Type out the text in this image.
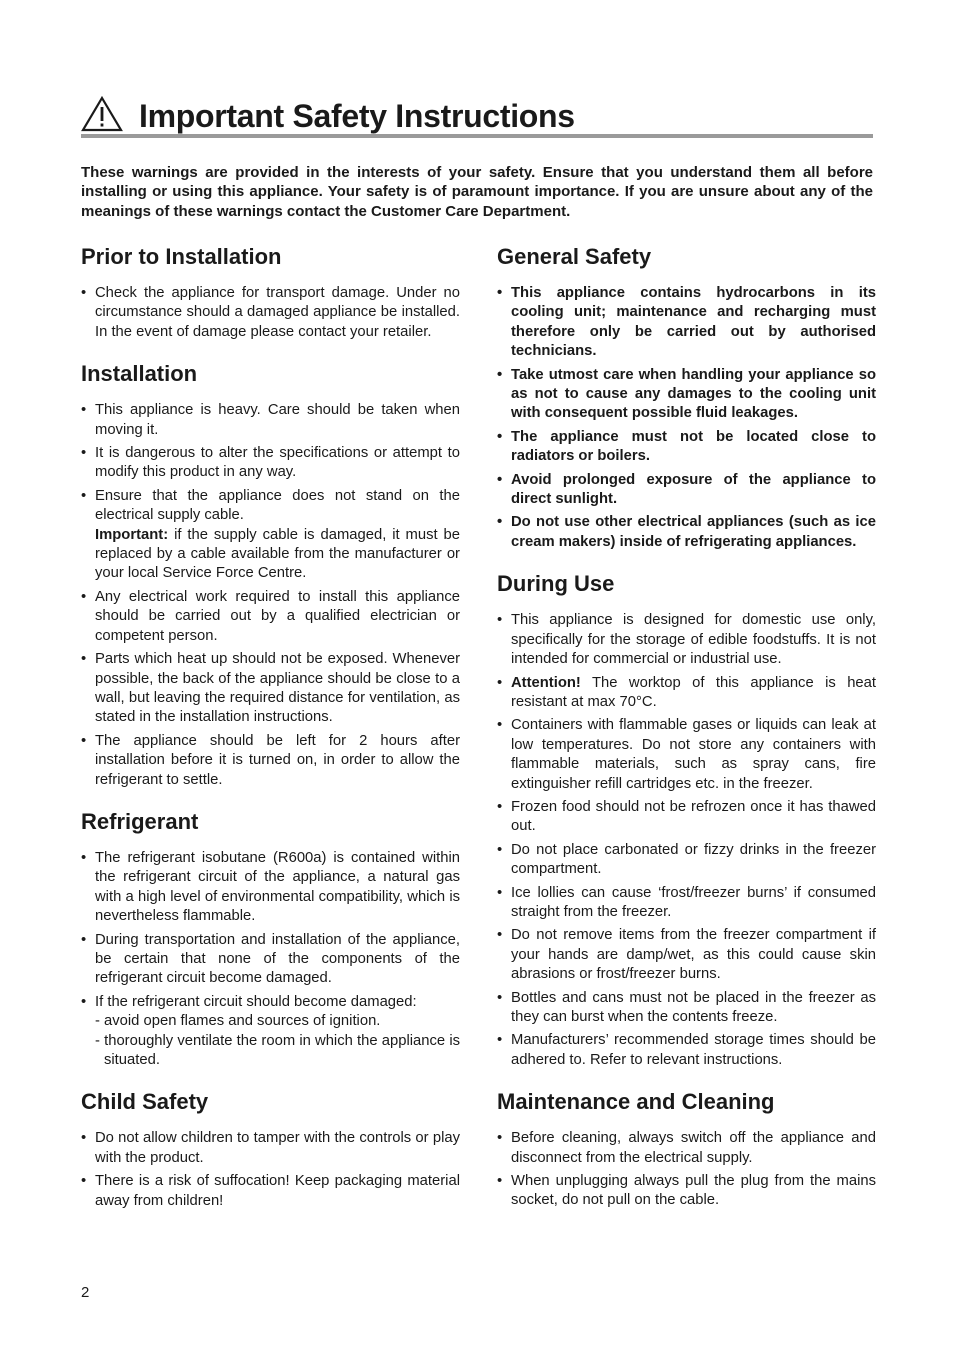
Important Safety Instructions

These warnings are provided in the interests of your safety. Ensure that you understand them all before installing or using this appliance. Your safety is of paramount importance. If you are unsure about any of the meanings of these warnings contact the Customer Care Department.

Prior to Installation
• Check the appliance for transport damage. Under no circumstance should a damaged appliance be installed. In the event of damage please contact your retailer.
Installation
• This appliance is heavy. Care should be taken when moving it.
• It is dangerous to alter the specifications or attempt to modify this product in any way.
• Ensure that the appliance does not stand on the electrical supply cable.
Important: if the supply cable is damaged, it must be replaced by a cable available from the manufacturer or your local Service Force Centre.
• Any electrical work required to install this appliance should be carried out by a qualified electrician or competent person.
• Parts which heat up should not be exposed. Whenever possible, the back of the appliance should be close to a wall, but leaving the required distance for ventilation, as stated in the installation instructions.
• The appliance should be left for 2 hours after installation before it is turned on, in order to allow the refrigerant to settle.
Refrigerant
• The refrigerant isobutane (R600a) is contained within the refrigerant circuit of the appliance, a natural gas with a high level of environmental compatibility, which is nevertheless flammable.
• During transportation and installation of the appliance, be certain that none of the components of the refrigerant circuit become damaged.
• If the refrigerant circuit should become damaged:
- avoid open flames and sources of ignition.
- thoroughly ventilate the room in which the appliance is situated.
Child Safety
• Do not allow children to tamper with the controls or play with the product.
• There is a risk of suffocation! Keep packaging material away from children!
General Safety
• This appliance contains hydrocarbons in its cooling unit; maintenance and recharging must therefore only be carried out by authorised technicians.
• Take utmost care when handling your appliance so as not to cause any damages to the cooling unit with consequent possible fluid leakages.
• The appliance must not be located close to radiators or boilers.
• Avoid prolonged exposure of the appliance to direct sunlight.
• Do not use other electrical appliances (such as ice cream makers) inside of refrigerating appliances.
During Use
• This appliance is designed for domestic use only, specifically for the storage of edible foodstuffs. It is not intended for commercial or industrial use.
• Attention! The worktop of this appliance is heat resistant at max 70°C.
• Containers with flammable gases or liquids can leak at low temperatures. Do not store any containers with flammable materials, such as spray cans, fire extinguisher refill cartridges etc. in the freezer.
• Frozen food should not be refrozen once it has thawed out.
• Do not place carbonated or fizzy drinks in the freezer compartment.
• Ice lollies can cause ‘frost/freezer burns’ if consumed straight from the freezer.
• Do not remove items from the freezer compartment if your hands are damp/wet, as this could cause skin abrasions or frost/freezer burns.
• Bottles and cans must not be placed in the freezer as they can burst when the contents freeze.
• Manufacturers’ recommended storage times should be adhered to. Refer to relevant instructions.
Maintenance and Cleaning
• Before cleaning, always switch off the appliance and disconnect from the electrical supply.
• When unplugging always pull the plug from the mains socket, do not pull on the cable.
2
